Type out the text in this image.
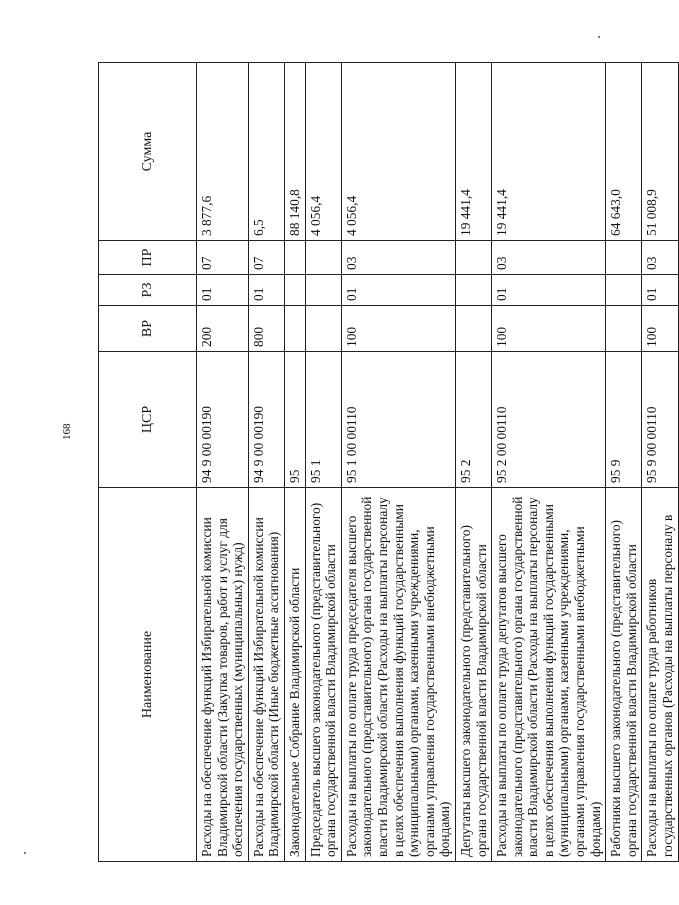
168
Наименование	ЦСР	ВР	РЗ	ПР	Сумма
Расходы на обеспечение функций Избирательной комиссии Владимирской области (Закупка товаров, работ и услуг для обеспечения государственных (муниципальных) нужд)	94 9 00 00190	200	01	07	3 877,6
Расходы на обеспечение функций Избирательной комиссии Владимирской области (Иные бюджетные ассигнования)	94 9 00 00190	800	01	07	6,5
Законодательное Собрание Владимирской области	95				88 140,8
Председатель высшего законодательного (представительного) органа государственной власти Владимирской области	95 1				4 056,4
Расходы на выплаты по оплате труда председателя высшего законодательного (представительного) органа государственной власти Владимирской области (Расходы на выплаты персоналу в целях обеспечения выполнения функций государственными (муниципальными) органами, казенными учреждениями, органами управления государственными внебюджетными фондами)	95 1 00 00110	100	01	03	4 056,4
Депутаты высшего законодательного (представительного) органа государственной власти Владимирской области	95 2				19 441,4
Расходы на выплаты по оплате труда депутатов высшего законодательного (представительного) органа государственной власти Владимирской области (Расходы на выплаты персоналу в целях обеспечения выполнения функций государственными (муниципальными) органами, казенными учреждениями, органами управления государственными внебюджетными фондами)	95 2 00 00110	100	01	03	19 441,4
Работники высшего законодательного (представительного) органа государственной власти Владимирской области	95 9				64 643,0
Расходы на выплаты по оплате труда работников государственных органов (Расходы на выплаты персоналу в	95 9 00 00110	100	01	03	51 008,9
